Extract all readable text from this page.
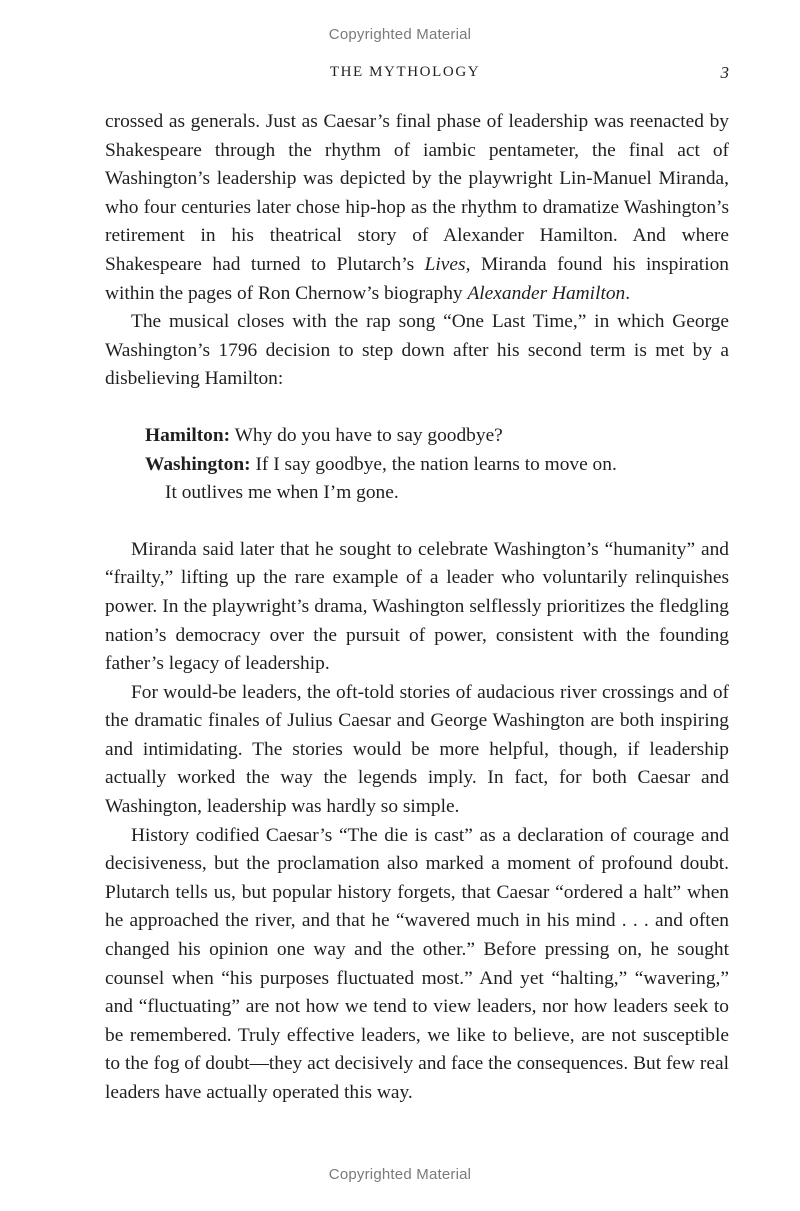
Copyrighted Material
THE MYTHOLOGY	3

crossed as generals. Just as Caesar’s final phase of leadership was reenacted by Shakespeare through the rhythm of iambic pentameter, the final act of Washington’s leadership was depicted by the playwright Lin-Manuel Miranda, who four centuries later chose hip-hop as the rhythm to dramatize Washington’s retirement in his theatrical story of Alexander Hamilton. And where Shakespeare had turned to Plutarch’s Lives, Miranda found his inspiration within the pages of Ron Chernow’s biography Alexander Hamilton.

The musical closes with the rap song “One Last Time,” in which George Washington’s 1796 decision to step down after his second term is met by a disbelieving Hamilton:

Hamilton: Why do you have to say goodbye?
Washington: If I say goodbye, the nation learns to move on.
It outlives me when I’m gone.

Miranda said later that he sought to celebrate Washington’s “humanity” and “frailty,” lifting up the rare example of a leader who voluntarily relinquishes power. In the playwright’s drama, Washington selflessly prioritizes the fledgling nation’s democracy over the pursuit of power, consistent with the founding father’s legacy of leadership.

For would-be leaders, the oft-told stories of audacious river crossings and of the dramatic finales of Julius Caesar and George Washington are both inspiring and intimidating. The stories would be more helpful, though, if leadership actually worked the way the legends imply. In fact, for both Caesar and Washington, leadership was hardly so simple.

History codified Caesar’s “The die is cast” as a declaration of courage and decisiveness, but the proclamation also marked a moment of profound doubt. Plutarch tells us, but popular history forgets, that Caesar “ordered a halt” when he approached the river, and that he “wavered much in his mind . . . and often changed his opinion one way and the other.” Before pressing on, he sought counsel when “his purposes fluctuated most.” And yet “halting,” “wavering,” and “fluctuating” are not how we tend to view leaders, nor how leaders seek to be remembered. Truly effective leaders, we like to believe, are not susceptible to the fog of doubt—they act decisively and face the consequences. But few real leaders have actually operated this way.

Copyrighted Material
